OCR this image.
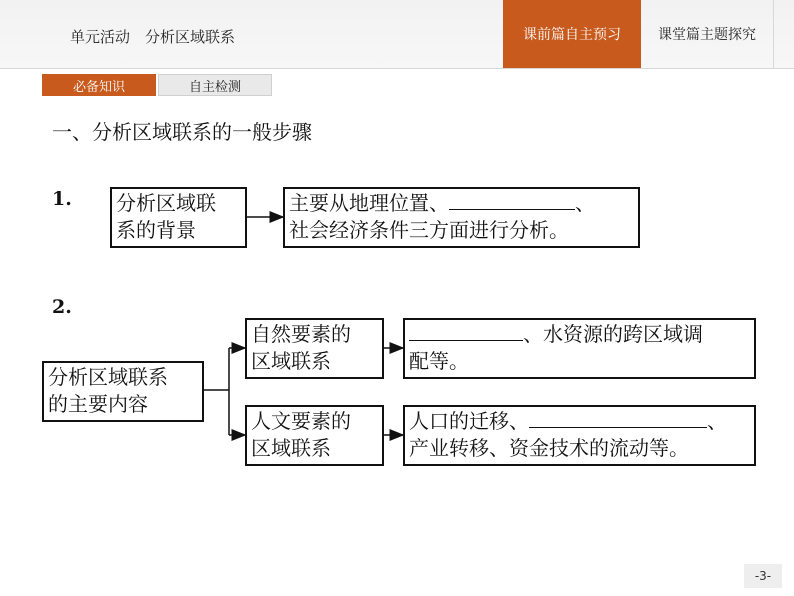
单元活动　分析区域联系	课前篇自主预习	课堂篇主题探究
必备知识	自主检测
一、分析区域联系的一般步骤
1. 分析区域联
系的背景
主要从地理位置、	、
社会经济条件三方面进行分析。
2.
分析区域联系
的主要内容
自然要素的
区域联系
、水资源的跨区域调
配等。
人文要素的
区域联系
人口的迁移、	、
产业转移、资金技术的流动等。
-3-
